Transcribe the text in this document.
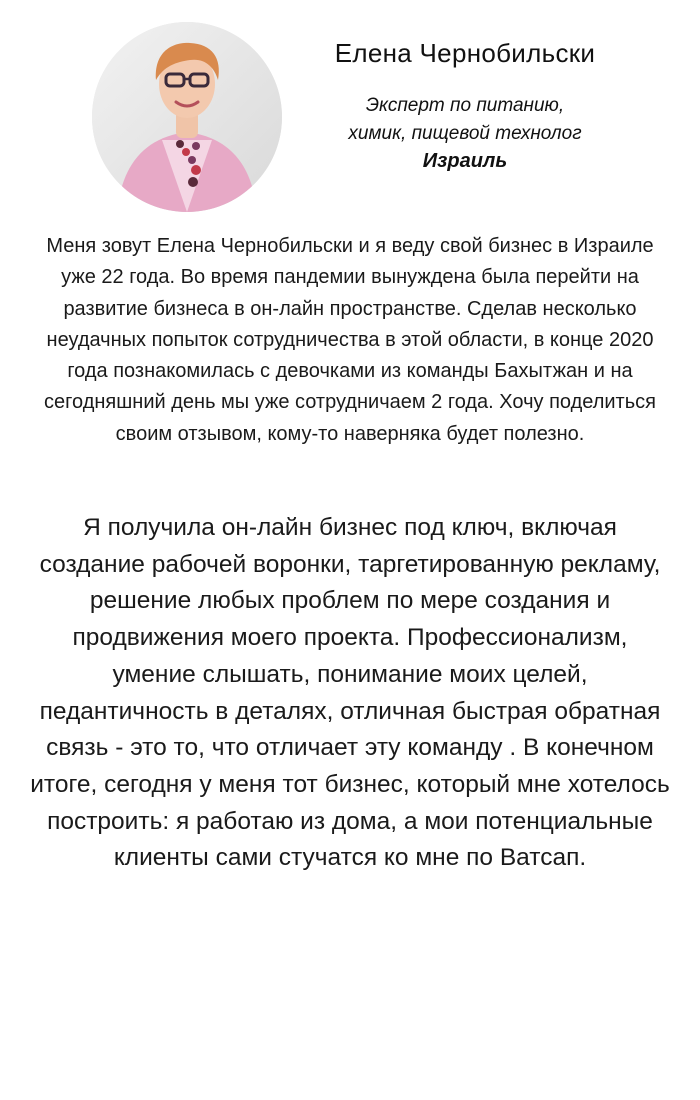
Елена Чернобильски
Эксперт по питанию,
химик, пищевой технолог
Израиль
Меня зовут Елена Чернобильски и я веду свой бизнес в Израиле уже 22 года. Во время пандемии вынуждена была перейти на развитие бизнеса в он-лайн пространстве. Сделав несколько неудачных попыток сотрудничества в этой области, в конце 2020 года познакомилась с девочками из команды Бахытжан и на сегодняшний день мы уже сотрудничаем 2 года. Хочу поделиться своим отзывом, кому-то наверняка будет полезно.
Я получила он-лайн бизнес под ключ, включая создание рабочей воронки, таргетированную рекламу, решение любых проблем по мере создания и продвижения моего проекта. Профессионализм, умение слышать, понимание моих целей, педантичность в деталях, отличная быстрая обратная связь - это то, что отличает эту команду . В конечном итоге, сегодня у меня тот бизнес, который мне хотелось построить: я работаю из дома, а мои потенциальные клиенты сами стучатся ко мне по Ватсап.
